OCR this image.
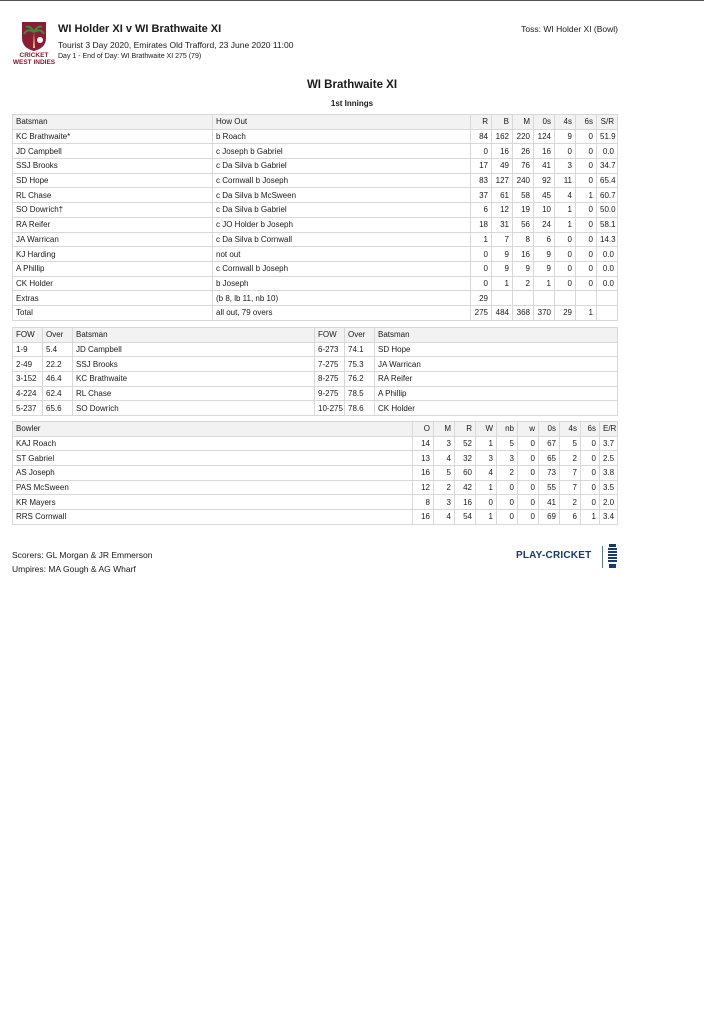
CRICKET
WEST INDIES
WI Holder XI v WI Brathwaite XI
Tourist 3 Day 2020, Emirates Old Trafford, 23 June 2020 11:00
Day 1 - End of Day: WI Brathwaite XI 275 (79)
Toss: WI Holder XI (Bowl)
WI Brathwaite XI
1st Innings
Batsman	How Out	R	B	M	0s	4s	6s	S/R
KC Brathwaite*	b Roach	84	162	220	124	9	0	51.9
JD Campbell	c Joseph b Gabriel	0	16	26	16	0	0	0.0
SSJ Brooks	c Da Silva b Gabriel	17	49	76	41	3	0	34.7
SD Hope	c Cornwall b Joseph	83	127	240	92	11	0	65.4
RL Chase	c Da Silva b McSween	37	61	58	45	4	1	60.7
SO Dowrich†	c Da Silva b Gabriel	6	12	19	10	1	0	50.0
RA Reifer	c JO Holder b Joseph	18	31	56	24	1	0	58.1
JA Warrican	c Da Silva b Cornwall	1	7	8	6	0	0	14.3
KJ Harding	not out	0	9	16	9	0	0	0.0
A Phillip	c Cornwall b Joseph	0	9	9	9	0	0	0.0
CK Holder	b Joseph	0	1	2	1	0	0	0.0
Extras	(b 8, lb 11, nb 10)	29						
Total	all out, 79 overs	275	484	368	370	29	1	
FOW	Over	Batsman	FOW	Over	Batsman
1-9	5.4	JD Campbell	6-273	74.1	SD Hope
2-49	22.2	SSJ Brooks	7-275	75.3	JA Warrican
3-152	46.4	KC Brathwaite	8-275	76.2	RA Reifer
4-224	62.4	RL Chase	9-275	78.5	A Phillip
5-237	65.6	SO Dowrich	10-275	78.6	CK Holder
Bowler	O	M	R	W	nb	w	0s	4s	6s	E/R
KAJ Roach	14	3	52	1	5	0	67	5	0	3.7
ST Gabriel	13	4	32	3	3	0	65	2	0	2.5
AS Joseph	16	5	60	4	2	0	73	7	0	3.8
PAS McSween	12	2	42	1	0	0	55	7	0	3.5
KR Mayers	8	3	16	0	0	0	41	2	0	2.0
RRS Cornwall	16	4	54	1	0	0	69	6	1	3.4
Scorers: GL Morgan & JR Emmerson
Umpires: MA Gough & AG Wharf
PLAY-CRICKET
